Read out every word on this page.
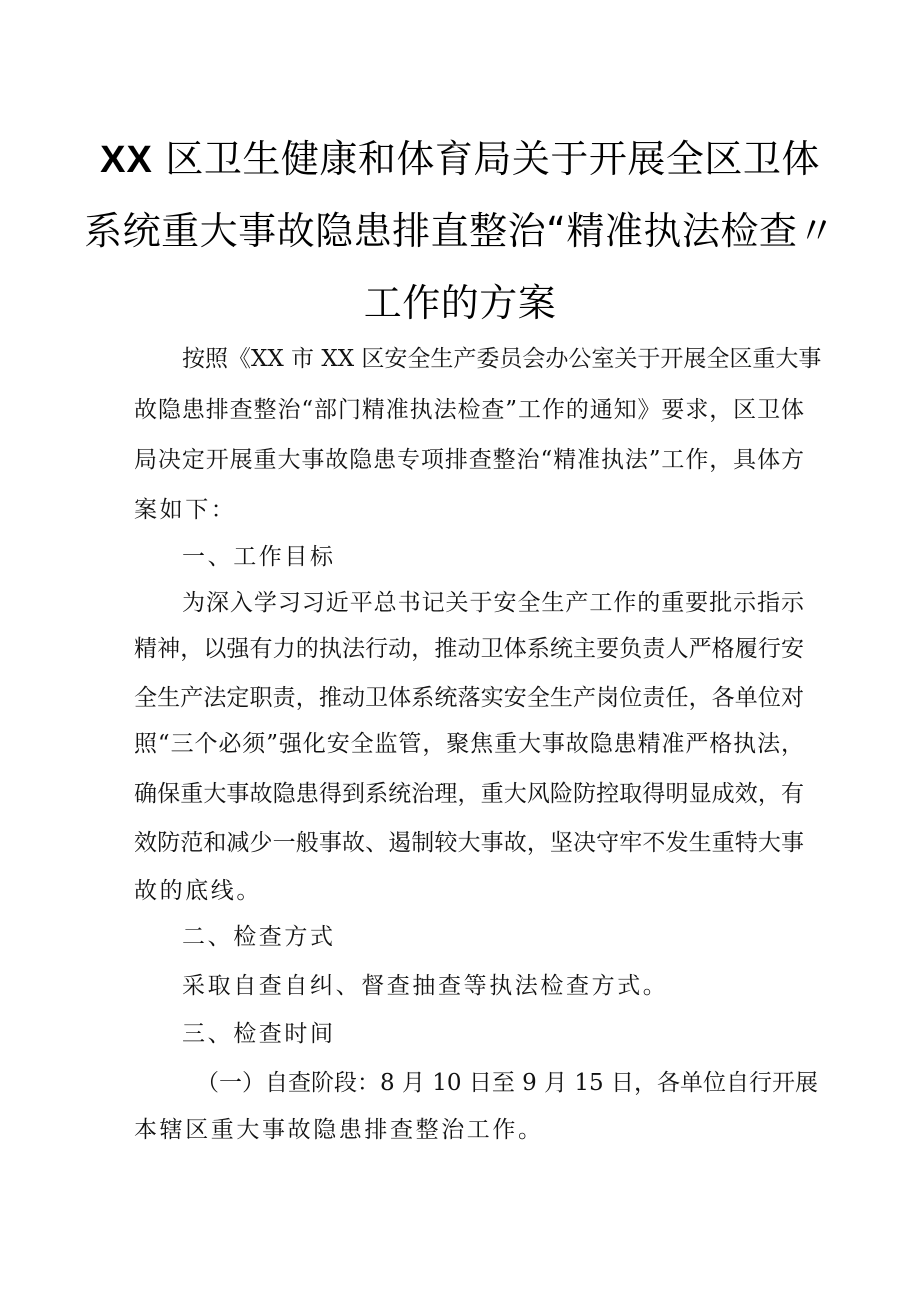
XX 区卫生健康和体育局关于开展全区卫体
系统重大事故隐患排直整治“精准执法检查〃
工作的方案
按照《XX 市 XX 区安全生产委员会办公室关于开展全区重大事
故隐患排查整治“部门精准执法检查”工作的通知》要求，区卫体
局决定开展重大事故隐患专项排查整治“精准执法”工作，具体方
案如下：
一、工作目标
为深入学习习近平总书记关于安全生产工作的重要批示指示
精神，以强有力的执法行动，推动卫体系统主要负责人严格履行安
全生产法定职责，推动卫体系统落实安全生产岗位责任，各单位对
照“三个必须”强化安全监管，聚焦重大事故隐患精准严格执法，
确保重大事故隐患得到系统治理，重大风险防控取得明显成效，有
效防范和减少一般事故、遏制较大事故，坚决守牢不发生重特大事
故的底线。
二、检查方式
采取自查自纠、督查抽查等执法检查方式。
三、检查时间
（一）自查阶段：8 月 10 日至 9 月 15 日，各单位自行开展
本辖区重大事故隐患排查整治工作。
